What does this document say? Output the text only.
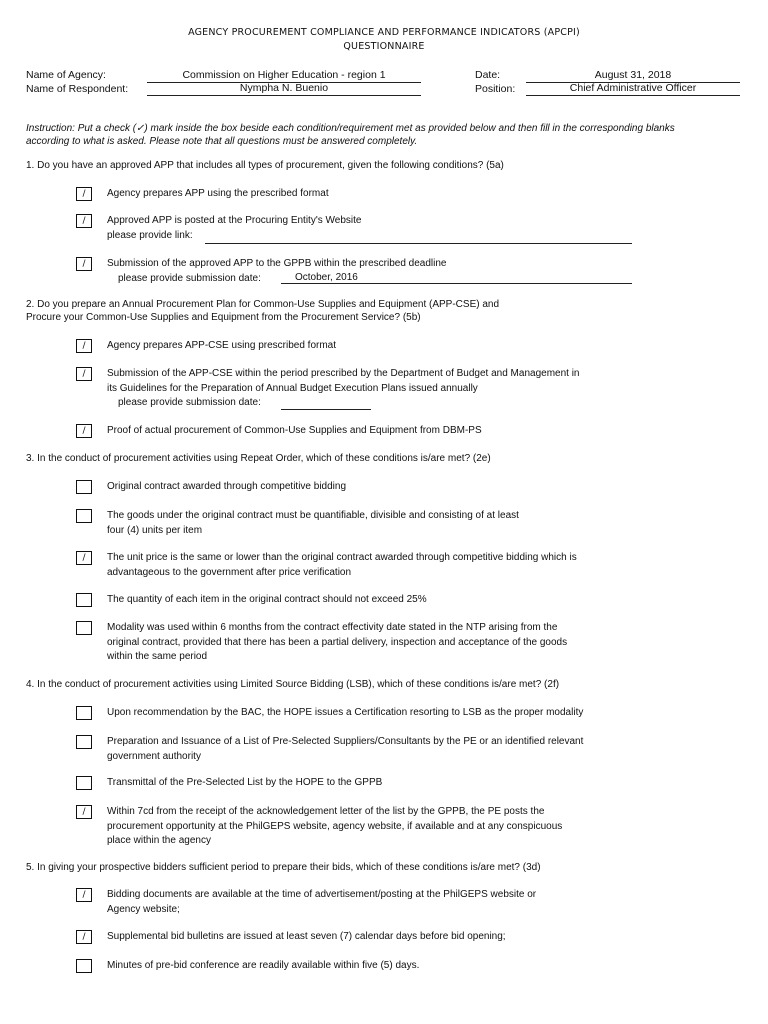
AGENCY PROCUREMENT COMPLIANCE AND PERFORMANCE INDICATORS (APCPI)
QUESTIONNAIRE
Name of Agency:	Commission on Higher Education - region 1
Name of Respondent:	Nympha N. Buenio
Date:	August 31, 2018
Position:	Chief Administrative Officer
Instruction: Put a check (✓) mark inside the box beside each condition/requirement met as provided below and then fill in the corresponding blanks
according to what is asked. Please note that all questions must be answered completely.
1. Do you have an approved APP that includes all types of procurement, given the following conditions? (5a)
/	Agency prepares APP using the prescribed format
/	Approved APP is posted at the Procuring Entity's Website
please provide link:
/	Submission of the approved APP to the GPPB within the prescribed deadline
please provide submission date:	October, 2016
2. Do you prepare an Annual Procurement Plan for Common-Use Supplies and Equipment (APP-CSE) and
Procure your Common-Use Supplies and Equipment from the Procurement Service? (5b)
/	Agency prepares APP-CSE using prescribed format
/	Submission of the APP-CSE within the period prescribed by the Department of Budget and Management in
its Guidelines for the Preparation of Annual Budget Execution Plans issued annually
please provide submission date:
/	Proof of actual procurement of Common-Use Supplies and Equipment from DBM-PS
3. In the conduct of procurement activities using Repeat Order, which of these conditions is/are met? (2e)
Original contract awarded through competitive bidding
The goods under the original contract must be quantifiable, divisible and consisting of at least
four (4) units per item
/	The unit price is the same or lower than the original contract awarded through competitive bidding which is
advantageous to the government after price verification
The quantity of each item in the original contract should not exceed 25%
Modality was used within 6 months from the contract effectivity date stated in the NTP arising from the
original contract, provided that there has been a partial delivery, inspection and acceptance of the goods
within the same period
4. In the conduct of procurement activities using Limited Source Bidding (LSB), which of these conditions is/are met? (2f)
Upon recommendation by the BAC, the HOPE issues a Certification resorting to LSB as the proper modality
Preparation and Issuance of a List of Pre-Selected Suppliers/Consultants by the PE or an identified relevant
government authority
Transmittal of the Pre-Selected List by the HOPE to the GPPB
/	Within 7cd from the receipt of the acknowledgement letter of the list by the GPPB, the PE posts the
procurement opportunity at the PhilGEPS website, agency website, if available and at any conspicuous
place within the agency
5. In giving your prospective bidders sufficient period to prepare their bids, which of these conditions is/are met? (3d)
/	Bidding documents are available at the time of advertisement/posting at the PhilGEPS website or
Agency website;
/	Supplemental bid bulletins are issued at least seven (7) calendar days before bid opening;
Minutes of pre-bid conference are readily available within five (5) days.
